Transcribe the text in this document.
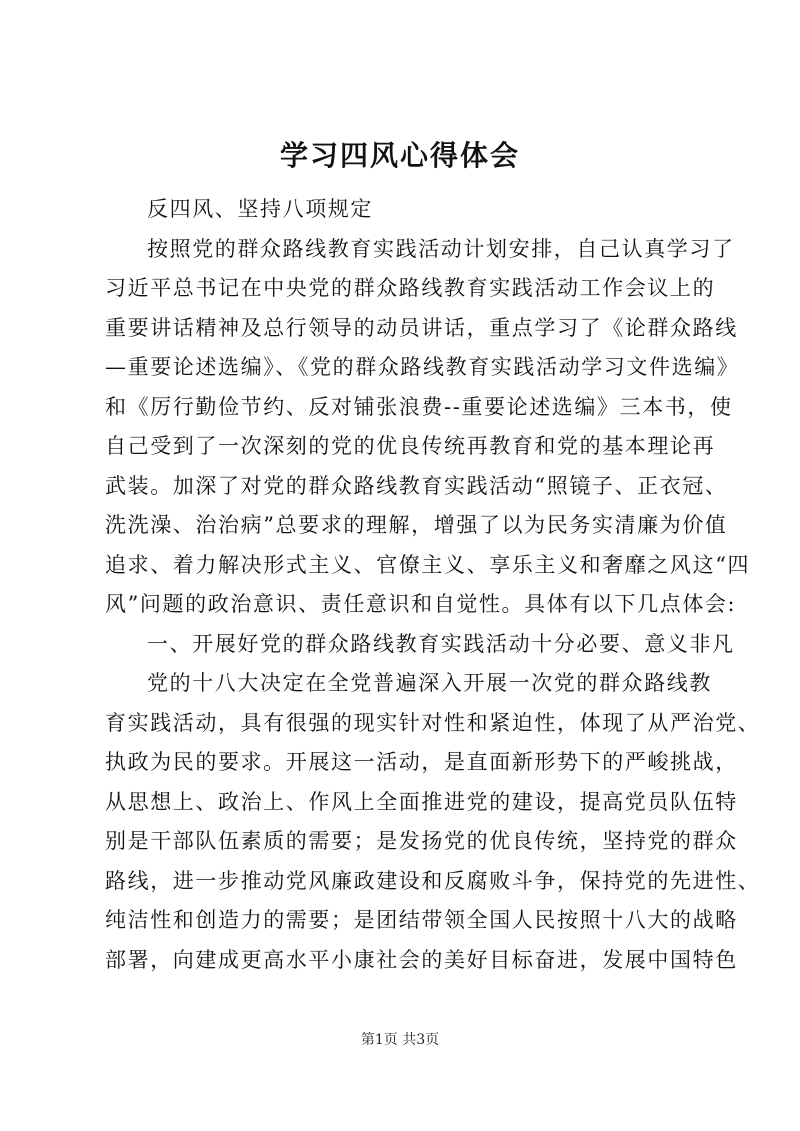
学习四风心得体会
反四风、坚持八项规定
按照党的群众路线教育实践活动计划安排，自己认真学习了
习近平总书记在中央党的群众路线教育实践活动工作会议上的
重要讲话精神及总行领导的动员讲话，重点学习了《论群众路线
—重要论述选编》、《党的群众路线教育实践活动学习文件选编》
和《厉行勤俭节约、反对铺张浪费--重要论述选编》三本书，使
自己受到了一次深刻的党的优良传统再教育和党的基本理论再
武装。加深了对党的群众路线教育实践活动“照镜子、正衣冠、
洗洗澡、治治病”总要求的理解，增强了以为民务实清廉为价值
追求、着力解决形式主义、官僚主义、享乐主义和奢靡之风这“四
风”问题的政治意识、责任意识和自觉性。具体有以下几点体会:
一、开展好党的群众路线教育实践活动十分必要、意义非凡
党的十八大决定在全党普遍深入开展一次党的群众路线教
育实践活动，具有很强的现实针对性和紧迫性，体现了从严治党、
执政为民的要求。开展这一活动，是直面新形势下的严峻挑战，
从思想上、政治上、作风上全面推进党的建设，提高党员队伍特
别是干部队伍素质的需要；是发扬党的优良传统，坚持党的群众
路线，进一步推动党风廉政建设和反腐败斗争，保持党的先进性、
纯洁性和创造力的需要；是团结带领全国人民按照十八大的战略
部署，向建成更高水平小康社会的美好目标奋进，发展中国特色
第1页 共3页
